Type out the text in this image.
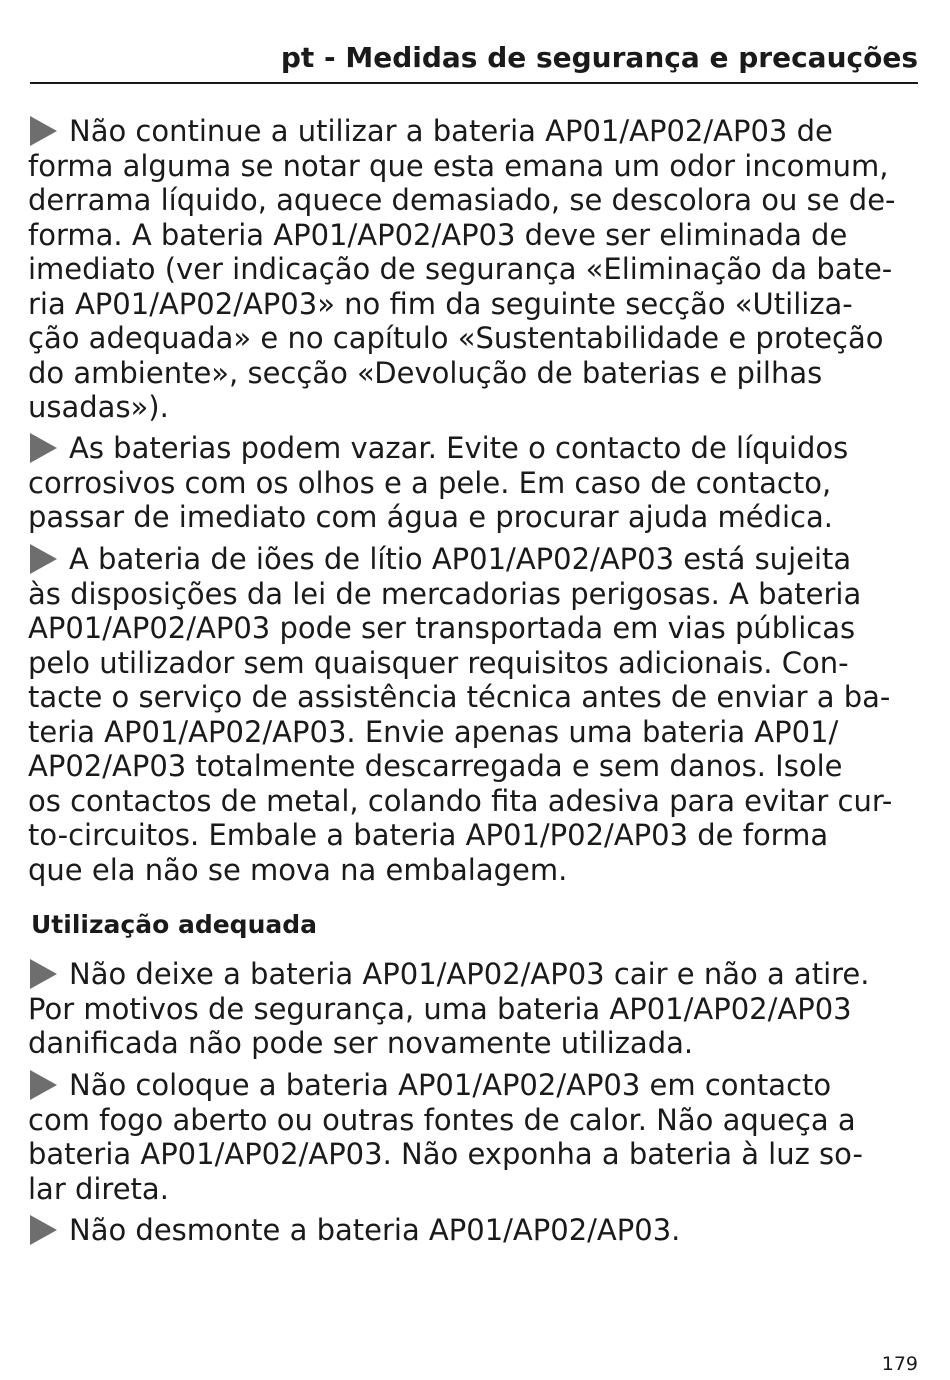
pt - Medidas de segurança e precauções

Não continue a utilizar a bateria AP01/AP02/AP03 de
forma alguma se notar que esta emana um odor incomum,
derrama líquido, aquece demasiado, se descolora ou se de-
forma. A bateria AP01/AP02/AP03 deve ser eliminada de
imediato (ver indicação de segurança «Eliminação da bate-
ria AP01/AP02/AP03» no fim da seguinte secção «Utiliza-
ção adequada» e no capítulo «Sustentabilidade e proteção
do ambiente», secção «Devolução de baterias e pilhas
usadas»).

As baterias podem vazar. Evite o contacto de líquidos
corrosivos com os olhos e a pele. Em caso de contacto,
passar de imediato com água e procurar ajuda médica.

A bateria de iões de lítio AP01/AP02/AP03 está sujeita
às disposições da lei de mercadorias perigosas. A bateria
AP01/AP02/AP03 pode ser transportada em vias públicas
pelo utilizador sem quaisquer requisitos adicionais. Con-
tacte o serviço de assistência técnica antes de enviar a ba-
teria AP01/AP02/AP03. Envie apenas uma bateria AP01/
AP02/AP03 totalmente descarregada e sem danos. Isole
os contactos de metal, colando fita adesiva para evitar cur-
to-circuitos. Embale a bateria AP01/P02/AP03 de forma
que ela não se mova na embalagem.

Utilização adequada

Não deixe a bateria AP01/AP02/AP03 cair e não a atire.
Por motivos de segurança, uma bateria AP01/AP02/AP03
danificada não pode ser novamente utilizada.

Não coloque a bateria AP01/AP02/AP03 em contacto
com fogo aberto ou outras fontes de calor. Não aqueça a
bateria AP01/AP02/AP03. Não exponha a bateria à luz so-
lar direta.

Não desmonte a bateria AP01/AP02/AP03.

179
